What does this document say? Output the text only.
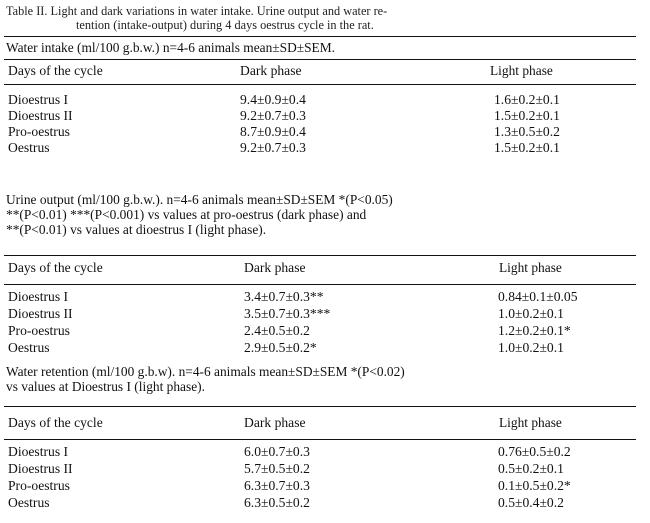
Table II. Light and dark variations in water intake. Urine output and water re-
tention (intake-output) during 4 days oestrus cycle in the rat.
Water intake (ml/100 g.b.w.) n=4-6 animals mean±SD±SEM.
Days of the cycle	Dark phase	Light phase
Dioestrus I	9.4±0.9±0.4	1.6±0.2±0.1
Dioestrus II	9.2±0.7±0.3	1.5±0.2±0.1
Pro-oestrus	8.7±0.9±0.4	1.3±0.5±0.2
Oestrus	9.2±0.7±0.3	1.5±0.2±0.1
Urine output (ml/100 g.b.w.). n=4-6 animals mean±SD±SEM *(P<0.05)
**(P<0.01) ***(P<0.001) vs values at pro-oestrus (dark phase) and
**(P<0.01) vs values at dioestrus I (light phase).
Days of the cycle	Dark phase	Light phase
Dioestrus I	3.4±0.7±0.3**	0.84±0.1±0.05
Dioestrus II	3.5±0.7±0.3***	1.0±0.2±0.1
Pro-oestrus	2.4±0.5±0.2	1.2±0.2±0.1*
Oestrus	2.9±0.5±0.2*	1.0±0.2±0.1
Water retention (ml/100 g.b.w). n=4-6 animals mean±SD±SEM *(P<0.02)
vs values at Dioestrus I (light phase).
Days of the cycle	Dark phase	Light phase
Dioestrus I	6.0±0.7±0.3	0.76±0.5±0.2
Dioestrus II	5.7±0.5±0.2	0.5±0.2±0.1
Pro-oestrus	6.3±0.7±0.3	0.1±0.5±0.2*
Oestrus	6.3±0.5±0.2	0.5±0.4±0.2
